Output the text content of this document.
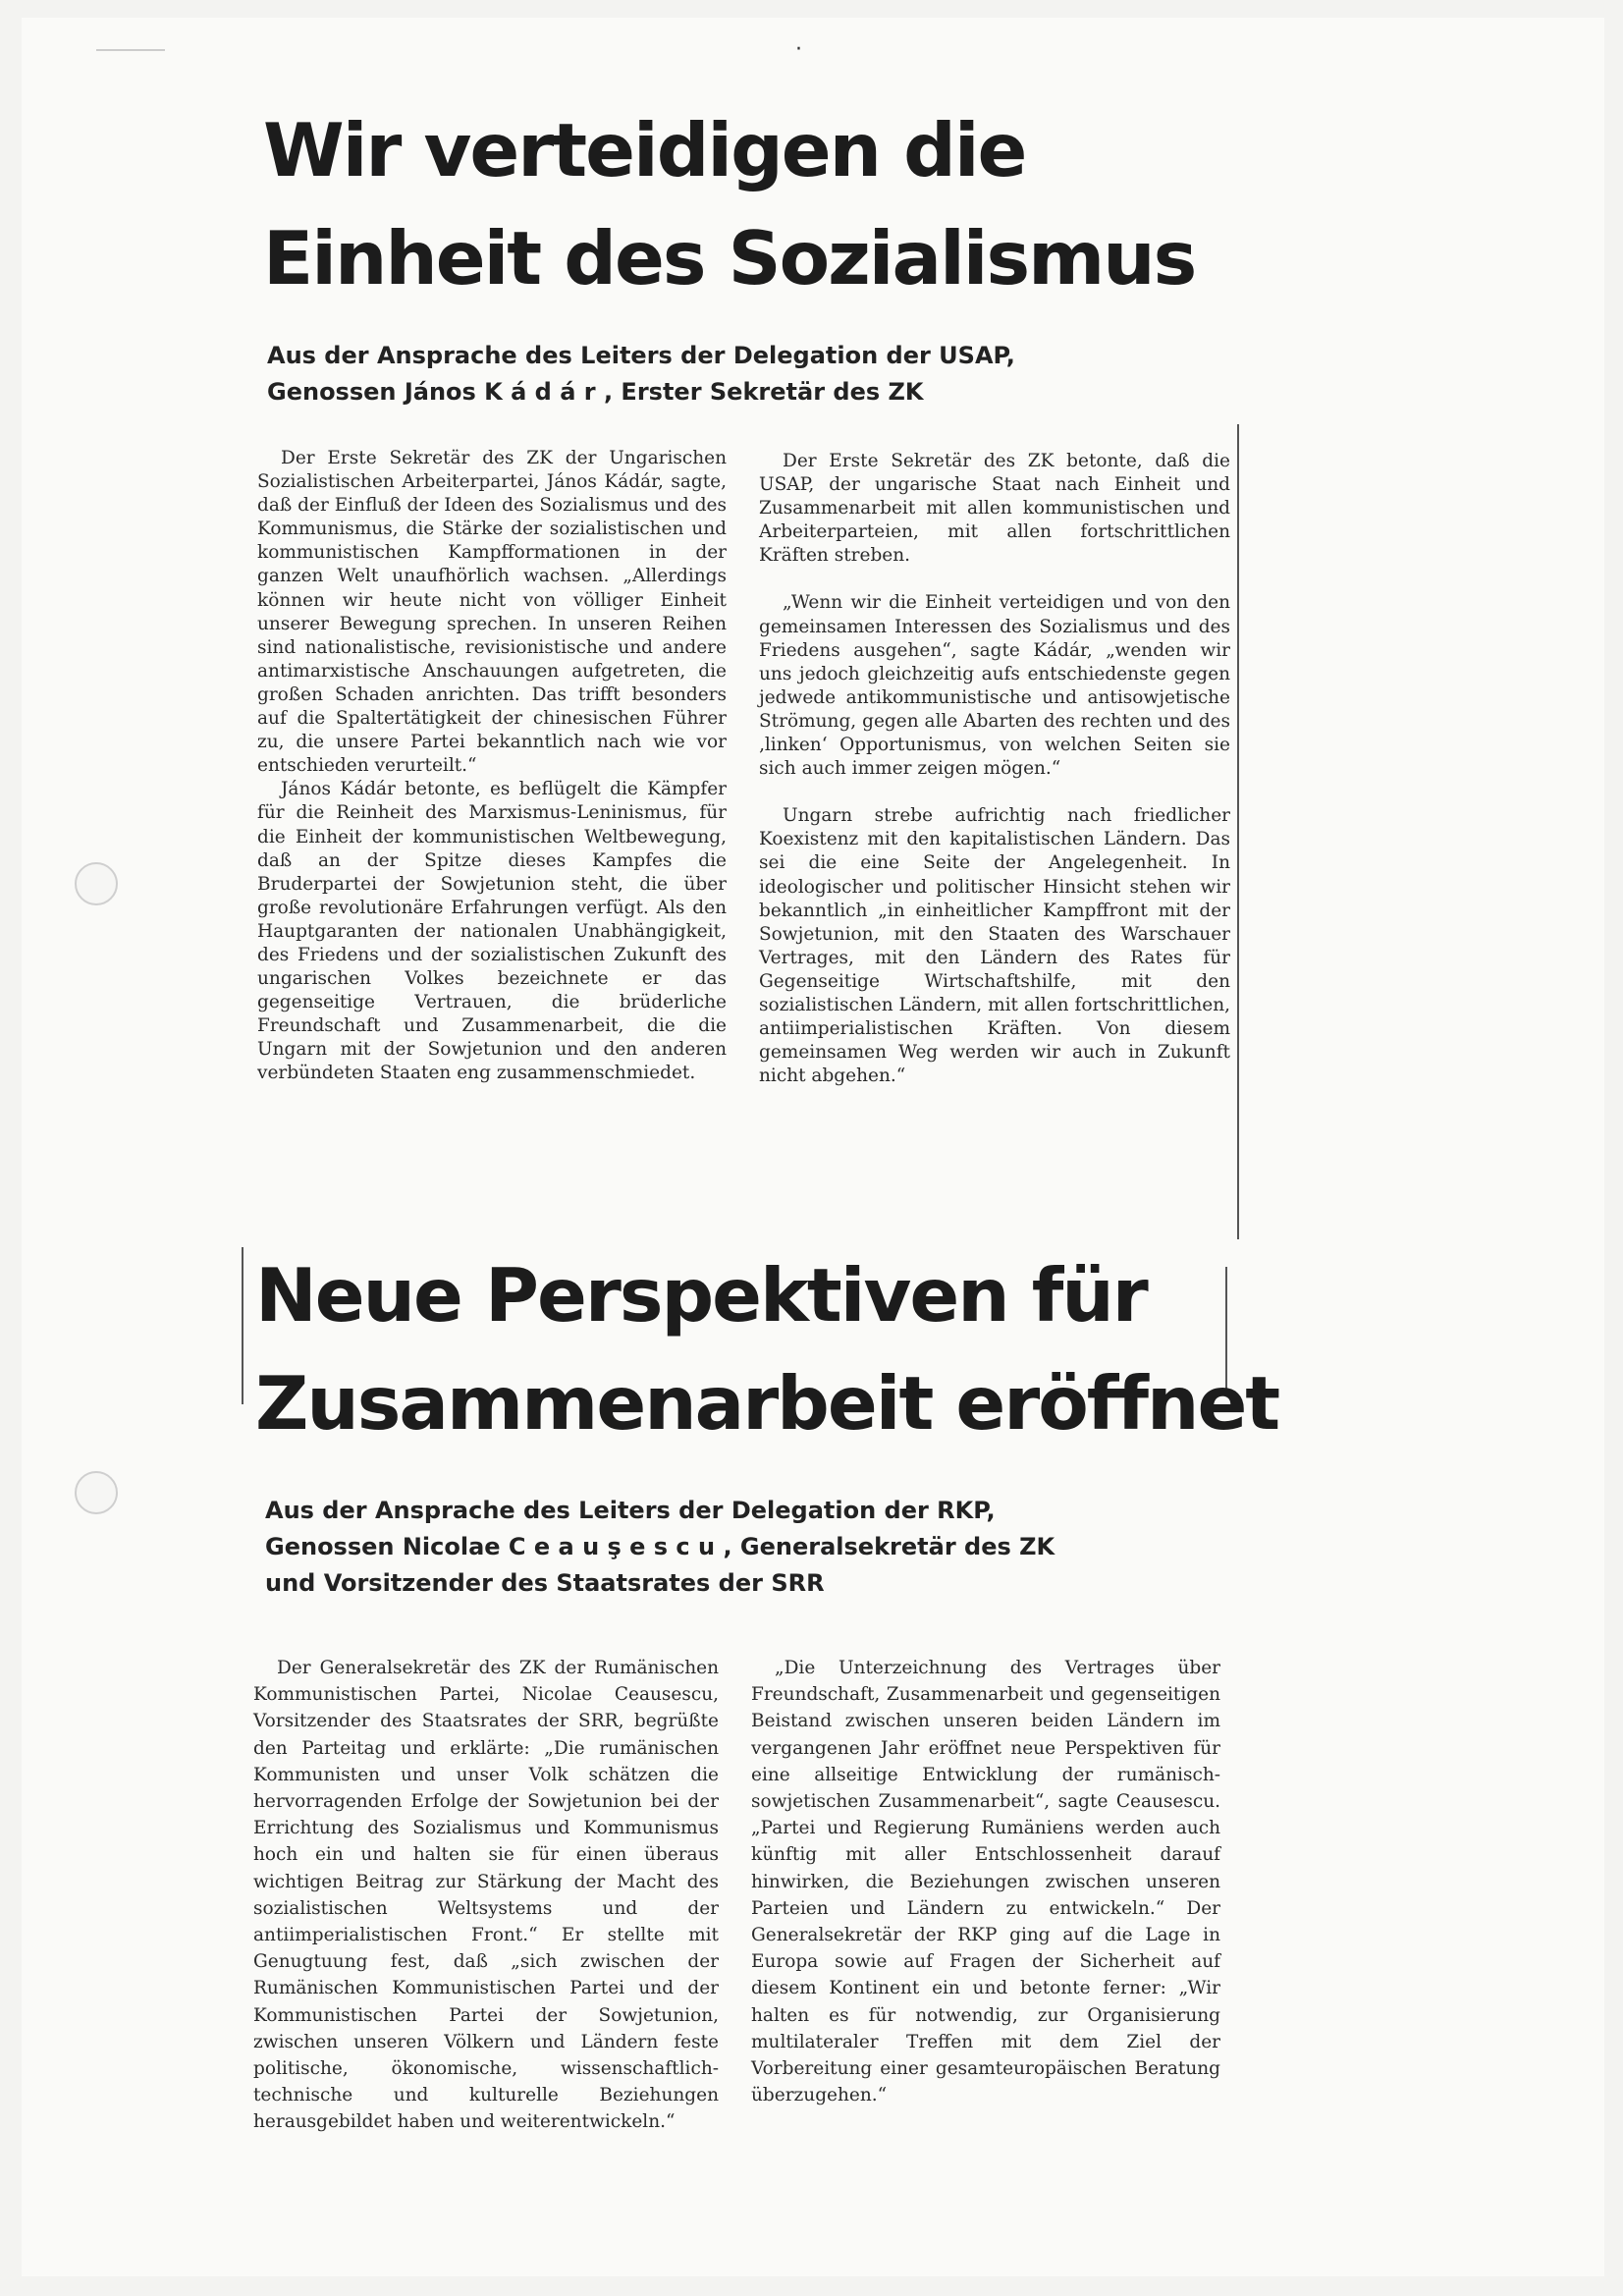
·
Wir verteidigen die
Einheit des Sozialismus
Aus der Ansprache des Leiters der Delegation der USAP,
Genossen János K á d á r , Erster Sekretär des ZK

Der Erste Sekretär des ZK der Ungarischen Sozialistischen Arbeiterpartei, János Kádár, sagte, daß der Einfluß der Ideen des Sozialismus und des Kommunismus, die Stärke der sozialistischen und kommunistischen Kampfformationen in der ganzen Welt unaufhörlich wachsen. „Allerdings können wir heute nicht von völliger Einheit unserer Bewegung sprechen. In unseren Reihen sind nationalistische, revisionistische und andere antimarxistische Anschauungen aufgetreten, die großen Schaden anrichten. Das trifft besonders auf die Spaltertätigkeit der chinesischen Führer zu, die unsere Partei bekanntlich nach wie vor entschieden verurteilt.“

János Kádár betonte, es beflügelt die Kämpfer für die Reinheit des Marxismus-Leninismus, für die Einheit der kommunistischen Weltbewegung, daß an der Spitze dieses Kampfes die Bruderpartei der Sowjetunion steht, die über große revolutionäre Erfahrungen verfügt. Als den Hauptgaranten der nationalen Unabhängigkeit, des Friedens und der sozialistischen Zukunft des ungarischen Volkes bezeichnete er das gegenseitige Vertrauen, die brüderliche Freundschaft und Zusammenarbeit, die die Ungarn mit der Sowjetunion und den anderen verbündeten Staaten eng zusammenschmiedet.

Der Erste Sekretär des ZK betonte, daß die USAP, der ungarische Staat nach Einheit und Zusammenarbeit mit allen kommunistischen und Arbeiterparteien, mit allen fortschrittlichen Kräften streben.

„Wenn wir die Einheit verteidigen und von den gemeinsamen Interessen des Sozialismus und des Friedens ausgehen“, sagte Kádár, „wenden wir uns jedoch gleichzeitig aufs entschiedenste gegen jedwede antikommunistische und antisowjetische Strömung, gegen alle Abarten des rechten und des ‚linken‘ Opportunismus, von welchen Seiten sie sich auch immer zeigen mögen.“

Ungarn strebe aufrichtig nach friedlicher Koexistenz mit den kapitalistischen Ländern. Das sei die eine Seite der Angelegenheit. In ideologischer und politischer Hinsicht stehen wir bekanntlich „in einheitlicher Kampffront mit der Sowjetunion, mit den Staaten des Warschauer Vertrages, mit den Ländern des Rates für Gegenseitige Wirtschaftshilfe, mit den sozialistischen Ländern, mit allen fortschrittlichen, antiimperialistischen Kräften. Von diesem gemeinsamen Weg werden wir auch in Zukunft nicht abgehen.“

Neue Perspektiven für
Zusammenarbeit eröffnet
Aus der Ansprache des Leiters der Delegation der RKP,
Genossen Nicolae C e a u ş e s c u , Generalsekretär des ZK
und Vorsitzender des Staatsrates der SRR

Der Generalsekretär des ZK der Rumänischen Kommunistischen Partei, Nicolae Ceausescu, Vorsitzender des Staatsrates der SRR, begrüßte den Parteitag und erklärte: „Die rumänischen Kommunisten und unser Volk schätzen die hervorragenden Erfolge der Sowjetunion bei der Errichtung des Sozialismus und Kommunismus hoch ein und halten sie für einen überaus wichtigen Beitrag zur Stärkung der Macht des sozialistischen Weltsystems und der antiimperialistischen Front.“ Er stellte mit Genugtuung fest, daß „sich zwischen der Rumänischen Kommunistischen Partei und der Kommunistischen Partei der Sowjetunion, zwischen unseren Völkern und Ländern feste politische, ökonomische, wissenschaftlich-technische und kulturelle Beziehungen herausgebildet haben und weiterentwickeln.“

„Die Unterzeichnung des Vertrages über Freundschaft, Zusammenarbeit und gegenseitigen Beistand zwischen unseren beiden Ländern im vergangenen Jahr eröffnet neue Perspektiven für eine allseitige Entwicklung der rumänisch-sowjetischen Zusammenarbeit“, sagte Ceausescu. „Partei und Regierung Rumäniens werden auch künftig mit aller Entschlossenheit darauf hinwirken, die Beziehungen zwischen unseren Parteien und Ländern zu entwickeln.“ Der Generalsekretär der RKP ging auf die Lage in Europa sowie auf Fragen der Sicherheit auf diesem Kontinent ein und betonte ferner: „Wir halten es für notwendig, zur Organisierung multilateraler Treffen mit dem Ziel der Vorbereitung einer gesamteuropäischen Beratung überzugehen.“
